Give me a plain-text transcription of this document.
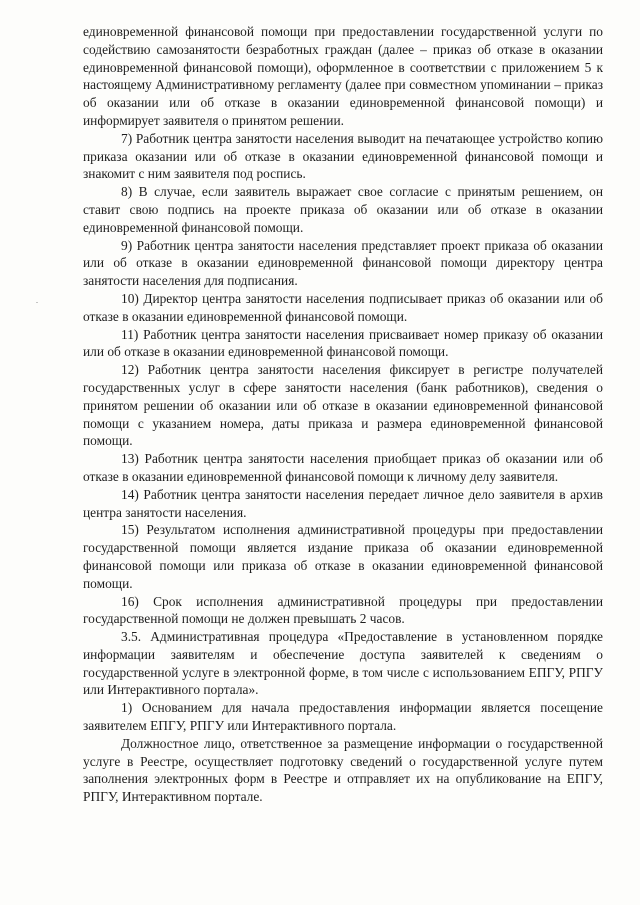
единовременной финансовой помощи при предоставлении государственной услуги по содействию самозанятости безработных граждан (далее – приказ об отказе в оказании единовременной финансовой помощи), оформленное в соответствии с приложением 5 к настоящему Административному регламенту (далее при совместном упоминании – приказ об оказании или об отказе в оказании единовременной финансовой помощи) и информирует заявителя о принятом решении.

7) Работник центра занятости населения выводит на печатающее устройство копию приказа оказании или об отказе в оказании единовременной финансовой помощи и знакомит с ним заявителя под роспись.

8) В случае, если заявитель выражает свое согласие с принятым решением, он ставит свою подпись на проекте приказа об оказании или об отказе в оказании единовременной финансовой помощи.

9) Работник центра занятости населения представляет проект приказа об оказании или об отказе в оказании единовременной финансовой помощи директору центра занятости населения для подписания.

10) Директор центра занятости населения подписывает приказ об оказании или об отказе в оказании единовременной финансовой помощи.

11) Работник центра занятости населения присваивает номер приказу об оказании или об отказе в оказании единовременной финансовой помощи.

12) Работник центра занятости населения фиксирует в регистре получателей государственных услуг в сфере занятости населения (банк работников), сведения о принятом решении об оказании или об отказе в оказании единовременной финансовой помощи с указанием номера, даты приказа и размера единовременной финансовой помощи.

13) Работник центра занятости населения приобщает приказ об оказании или об отказе в оказании единовременной финансовой помощи к личному делу заявителя.

14) Работник центра занятости населения передает личное дело заявителя в архив центра занятости населения.

15) Результатом исполнения административной процедуры при предоставлении государственной помощи является издание приказа об оказании единовременной финансовой помощи или приказа об отказе в оказании единовременной финансовой помощи.

16) Срок исполнения административной процедуры при предоставлении государственной помощи не должен превышать 2 часов.

3.5. Административная процедура «Предоставление в установленном порядке информации заявителям и обеспечение доступа заявителей к сведениям о государственной услуге в электронной форме, в том числе с использованием ЕПГУ, РПГУ или Интерактивного портала».

1) Основанием для начала предоставления информации является посещение заявителем ЕПГУ, РПГУ или Интерактивного портала.

Должностное лицо, ответственное за размещение информации о государственной услуге в Реестре, осуществляет подготовку сведений о государственной услуге путем заполнения электронных форм в Реестре и отправляет их на опубликование на ЕПГУ, РПГУ, Интерактивном портале.
